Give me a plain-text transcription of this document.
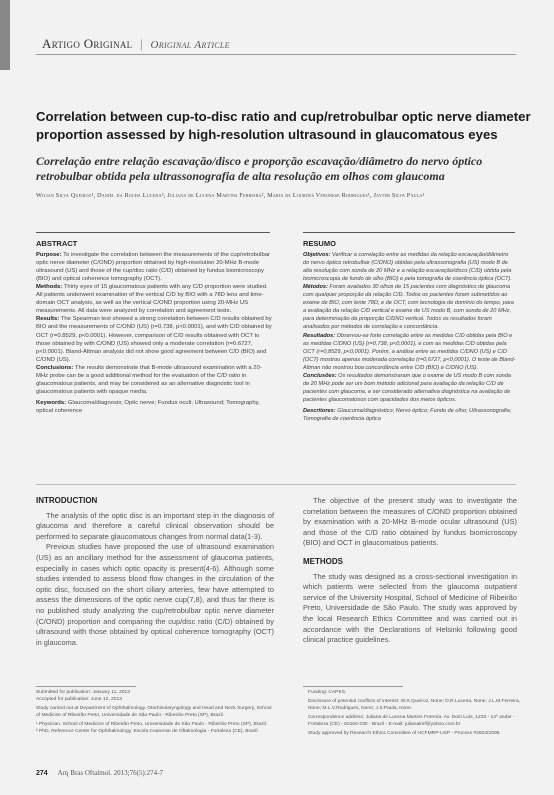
Artigo Original | Original Article
Correlation between cup-to-disc ratio and cup/retrobulbar optic nerve diameter proportion assessed by high-resolution ultrasound in glaucomatous eyes
Correlação entre relação escavação/disco e proporção escavação/diâmetro do nervo óptico retrobulbar obtida pela ultrassonografia de alta resolução em olhos com glaucoma
Wilian Silva Queiroz¹, Daniel da Rocha Lucena², Juliana de Lucena Martins Ferreira², Maria de Lourdes Veronese Rodrigues¹, Jayter Silva Paula¹
ABSTRACT

Purpose: To investigate the correlation between the measurements of the cup/retrobulbar optic nerve diameter (C/OND) proportion obtained by high-resolution 20-MHz B-mode ultrasound (US) and those of the cup/disc ratio (C/D) obtained by fundus biomicroscopy (BIO) and optical coherence tomography (OCT).

Methods: Thirty eyes of 15 glaucomatous patients with any C/D proportion were studied. All patients underwent examination of the vertical C/D by BIO with a 78D lens and time-domain OCT analysis, as well as the vertical C/OND proportion using 20-MHz US measurements. All data were analyzed by correlation and agreement tests.

Results: The Spearman test showed a strong correlation between C/D results obtained by BIO and the measurements of C/OND (US) (r=0.738, p<0.0001), and with C/D obtained by OCT (r=0.8529, p<0.0001). However, comparison of C/D results obtained with OCT to those obtained by with C/OND (US) showed only a moderate correlation (r=0.6727, p<0.0001). Bland-Altman analysis did not show good agreement between C/D (BIO) and C/OND (US).

Conclusions: The results demonstrate that B-mode ultrasound examination with a 20-MHz probe can be a good additional method for the evaluation of the C/D ratio in glaucomatous patients, and may be considered as an alternative diagnostic tool in glaucomatous patients with opaque media.

Keywords: Glaucoma/diagnosis; Optic nerve; Fundus oculi; Ultrasound; Tomography, optical coherence

RESUMO

Objetivos: Verificar a correlação entre as medidas da relação escavação/diâmetro do nervo óptico retrobulbar (C/DNO) obtidas pela ultrassonografia (US) modo B de alta resolução com sonda de 20 MHz e a relação escavação/disco (C/D) obtida pela biomicroscopia de fundo de olho (BIO) e pela tomografia de coerência óptica (OCT).

Métodos: Foram avaliados 30 olhos de 15 pacientes com diagnóstico de glaucoma com qualquer proporção da relação C/D. Todos os pacientes foram submetidos ao exame de BIO, com lente 78D, e de OCT, com tecnologia de domínio do tempo, para a avaliação da relação C/D vertical e exame de US modo B, com sonda de 20 MHz, para determinação da proporção C/DNO vertical. Todos os resultados foram analisados por métodos de correlação e concordância.

Resultados: Observou-se forte correlação entre as medidas C/D obtidas pela BIO e as medidas C/DNO (US) (r=0,738, p<0,0001), e com as medidas C/D obtidas pela OCT (r=0,8529, p<0,0001). Porém, a análise entre as medidas C/DNO (US) e C/D (OCT) mostrou apenas moderada correlação (r=0,6727, p<0,0001). O teste de Bland-Altman não mostrou boa concordância entre C/D (BIO) e C/DNO (US).

Conclusões: Os resultados demonstraram que o exame de US modo B com sonda de 20 MHz pode ser um bom método adicional para avaliação da relação C/D de pacientes com glaucoma, e ser considerado alternativa diagnóstica na avaliação de pacientes glaucomatosos com opacidades dos meios ópticos.

Descritores: Glaucoma/diagnóstico; Nervo óptico; Fundo de olho; Ultrassonografia; Tomografia de coerência óptica

INTRODUCTION

The analysis of the optic disc is an important step in the diagnosis of glaucoma and therefore a careful clinical observation should be performed to separate glaucomatous changes from normal data(1-3).

Previous studies have proposed the use of ultrasound examination (US) as an ancillary method for the assessment of glaucoma patients, especially in cases which optic opacity is present(4-6). Although some studies intended to assess blood flow changes in the circulation of the optic disc, focused on the short ciliary arteries, few have attempted to assess the dimensions of the optic nerve cup(7,8), and thus far there is no published study analyzing the cup/retrobulbar optic nerve diameter (C/OND) proportion and comparing the cup/disc ratio (C/D) obtained by ultrasound with those obtained by optical coherence tomography (OCT) in glaucoma.

The objective of the present study was to investigate the correlation between the measures of C/OND proportion obtained by examination with a 20-MHz B-mode ocular ultrasound (US) and those of the C/D ratio obtained by fundus biomicroscopy (BIO) and OCT in glaucomatous patients.

METHODS

The study was designed as a cross-sectional investigation in which patients were selected from the glaucoma outpatient service of the University Hospital, School of Medicine of Ribeirão Preto, Universidade de São Paulo. The study was approved by the local Research Ethics Committee and was carried out in accordance with the Declarations of Helsinki following good clinical practice guidelines.

Submitted for publication: January 11, 2013

Accepted for publication: June 12, 2013

Study carried out at Department of Ophthalmology, Otorhinolaryngology and Head and Neck Surgery, School of Medicine of Ribeirão Preto, Universidade de São Paulo - Ribeirão Preto (SP), Brazil.

¹ Physician, School of Medicine of Ribeirão Preto, Universidade de São Paulo - Ribeirão Preto (SP), Brazil.

² PhD, Reference Center for Ophthalmology, Escola Cearense de Oftalmologia - Fortaleza (CE), Brazil.

Funding: CAPES.

Disclosure of potential conflicts of interest: W.S.Queiroz, None; D.R.Lucena, None; J.L.M.Ferreira, None; M.L.V.Rodrigues, None; J.S.Paula, None.

Correspondence address: Juliana de Lucena Martins Ferreira. Av. Dom Luís, 1233 - 14º andar - Fortaleza (CE) - 60160-230 - Brazil - E-mail: julianalmf@yahoo.com.br

Study approved by Research Ethics Committee of HCFMRP-USP - Process #2603/2008.

274 Arq Bras Oftalmol. 2013;76(5):274-7
